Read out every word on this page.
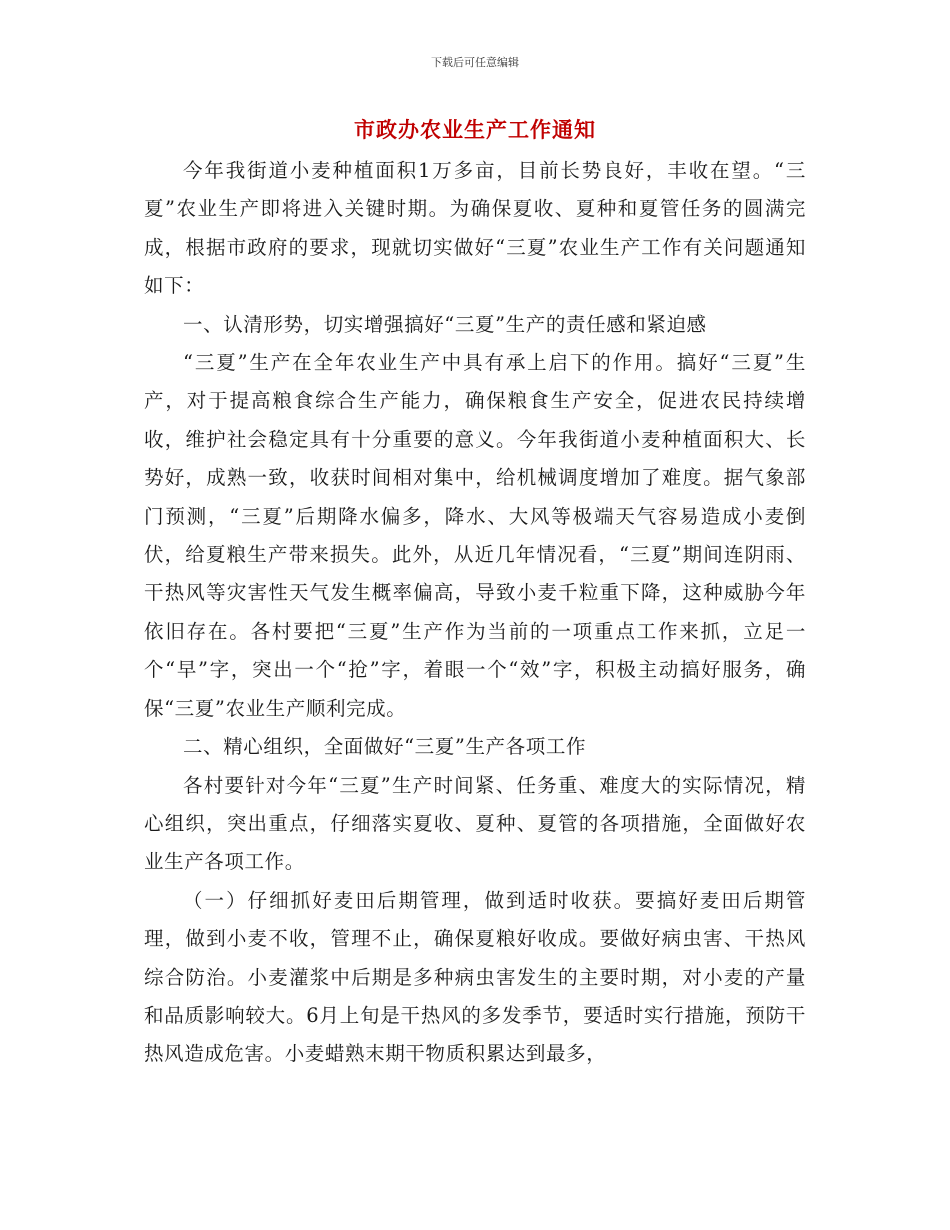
下载后可任意编辑
市政办农业生产工作通知

今年我街道小麦种植面积1万多亩，目前长势良好，丰收在望。“三夏”农业生产即将进入关键时期。为确保夏收、夏种和夏管任务的圆满完成，根据市政府的要求，现就切实做好“三夏”农业生产工作有关问题通知如下：

一、认清形势，切实增强搞好“三夏”生产的责任感和紧迫感

“三夏”生产在全年农业生产中具有承上启下的作用。搞好“三夏”生产，对于提高粮食综合生产能力，确保粮食生产安全，促进农民持续增收，维护社会稳定具有十分重要的意义。今年我街道小麦种植面积大、长势好，成熟一致，收获时间相对集中，给机械调度增加了难度。据气象部门预测，“三夏”后期降水偏多，降水、大风等极端天气容易造成小麦倒伏，给夏粮生产带来损失。此外，从近几年情况看，“三夏”期间连阴雨、干热风等灾害性天气发生概率偏高，导致小麦千粒重下降，这种威胁今年依旧存在。各村要把“三夏”生产作为当前的一项重点工作来抓，立足一个“早”字，突出一个“抢”字，着眼一个“效”字，积极主动搞好服务，确保“三夏”农业生产顺利完成。

二、精心组织，全面做好“三夏”生产各项工作

各村要针对今年“三夏”生产时间紧、任务重、难度大的实际情况，精心组织，突出重点，仔细落实夏收、夏种、夏管的各项措施，全面做好农业生产各项工作。

（一）仔细抓好麦田后期管理，做到适时收获。要搞好麦田后期管理，做到小麦不收，管理不止，确保夏粮好收成。要做好病虫害、干热风综合防治。小麦灌浆中后期是多种病虫害发生的主要时期，对小麦的产量和品质影响较大。6月上旬是干热风的多发季节，要适时实行措施，预防干热风造成危害。小麦蜡熟末期干物质积累达到最多，
